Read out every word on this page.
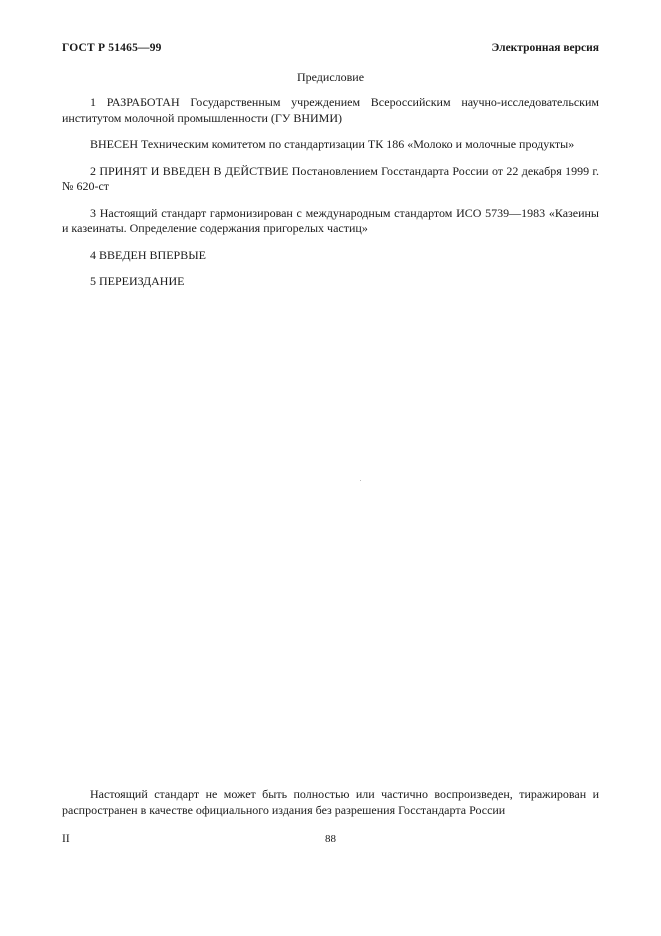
ГОСТ Р 51465—99	Электронная версия
Предисловие

1 РАЗРАБОТАН Государственным учреждением Всероссийским научно-исследовательским институтом молочной промышленности (ГУ ВНИМИ)

ВНЕСЕН Техническим комитетом по стандартизации ТК 186 «Молоко и молочные продукты»

2 ПРИНЯТ И ВВЕДЕН В ДЕЙСТВИЕ Постановлением Госстандарта России от 22 декабря 1999 г. № 620-ст

3 Настоящий стандарт гармонизирован с международным стандартом ИСО 5739—1983 «Казеины и казеинаты. Определение содержания пригорелых частиц»

4 ВВЕДЕН ВПЕРВЫЕ

5 ПЕРЕИЗДАНИЕ

Настоящий стандарт не может быть полностью или частично воспроизведен, тиражирован и распространен в качестве официального издания без разрешения Госстандарта России

II	88
